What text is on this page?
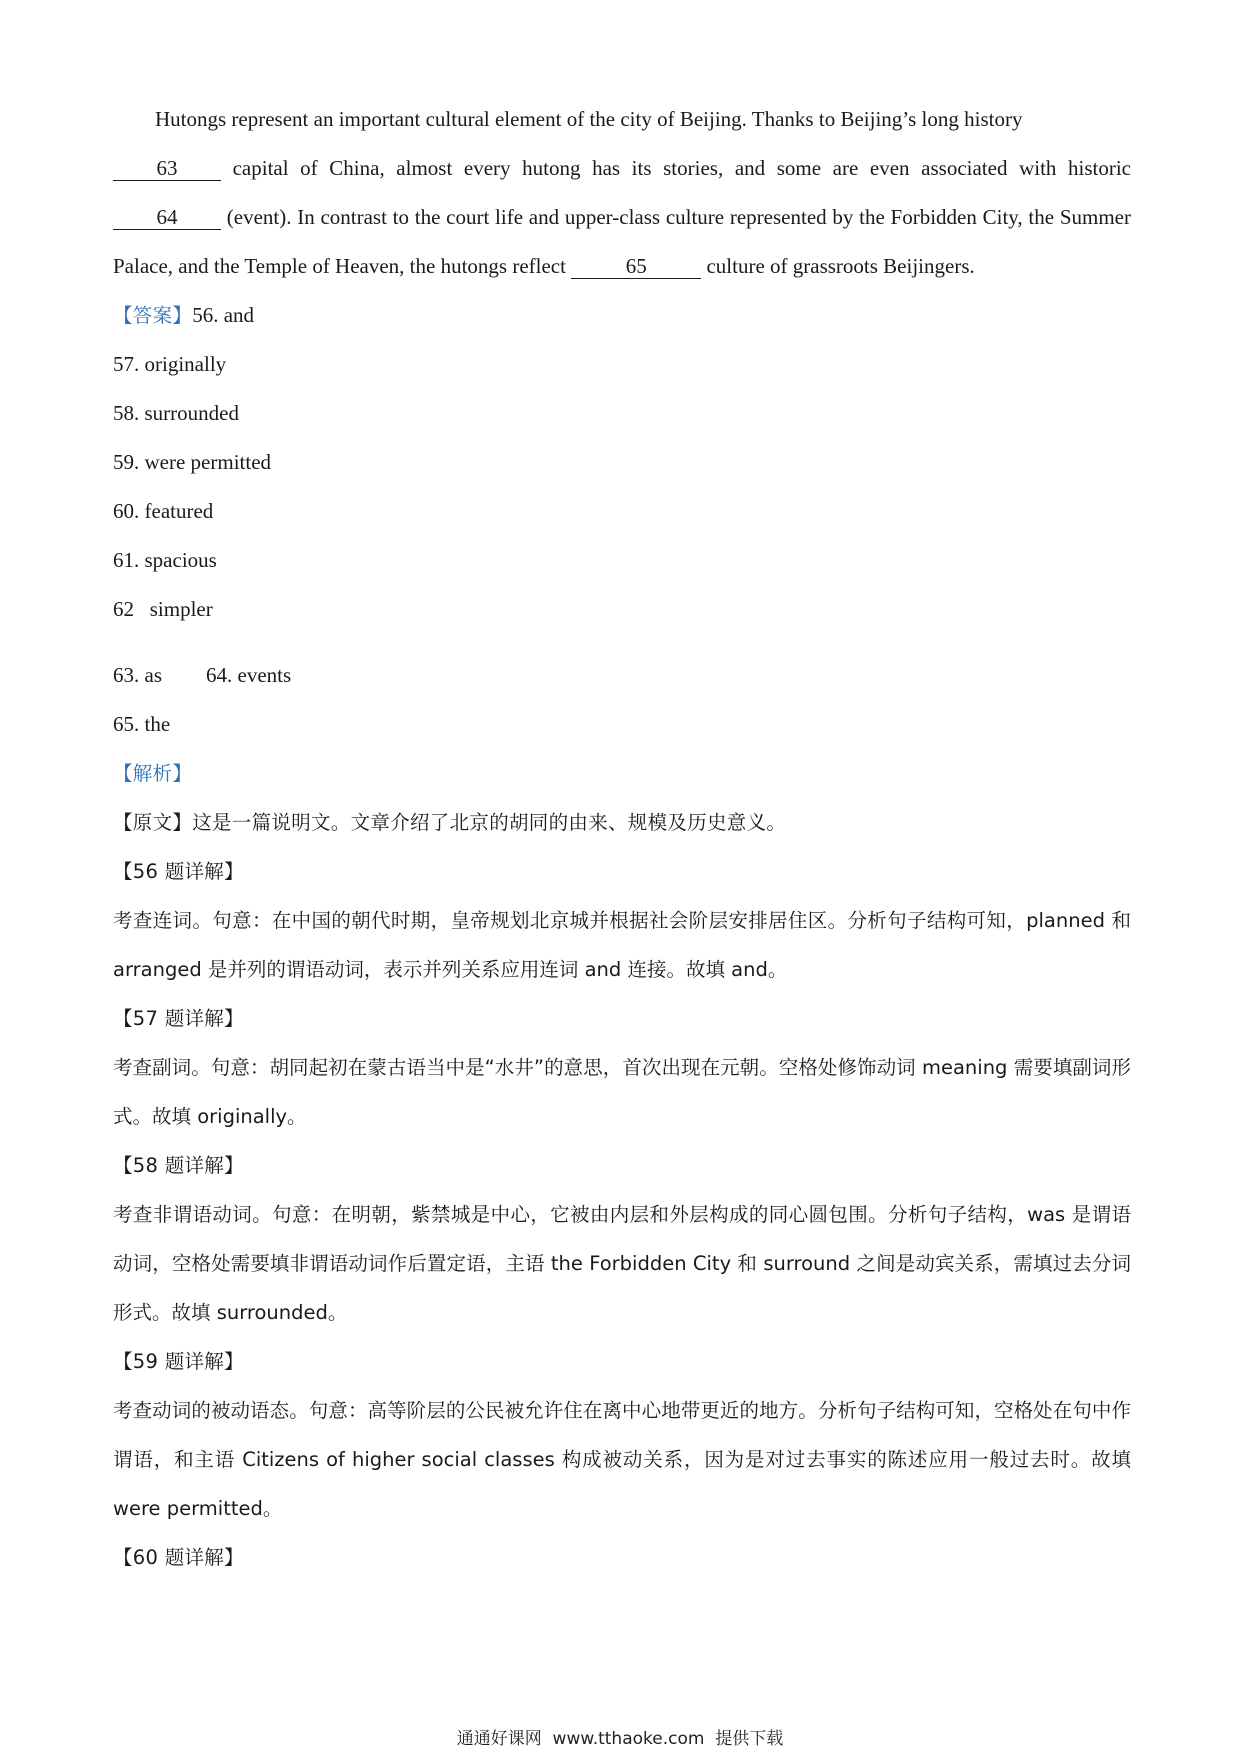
Hutongs represent an important cultural element of the city of Beijing. Thanks to Beijing’s long history
63	capital of China, almost every hutong has its stories, and some are even associated with historic 64 (event). In contrast to the court life and upper-class culture represented by the Forbidden City, the Summer Palace, and the Temple of Heaven, the hutongs reflect	65	culture of grassroots Beijingers.

【答案】56. and
57. originally
58. surrounded
59. were permitted
60. featured
61. spacious
62   simpler
63. as 64. events
65. the
【解析】
【原文】这是一篇说明文。文章介绍了北京的胡同的由来、规模及历史意义。
【56 题详解】

考查连词。句意：在中国的朝代时期，皇帝规划北京城并根据社会阶层安排居住区。分析句子结构可知，planned 和 arranged 是并列的谓语动词，表示并列关系应用连词 and 连接。故填 and。

【57 题详解】

考查副词。句意：胡同起初在蒙古语当中是“水井”的意思，首次出现在元朝。空格处修饰动词 meaning 需要填副词形式。故填 originally。

【58 题详解】

考查非谓语动词。句意：在明朝，紫禁城是中心，它被由内层和外层构成的同心圆包围。分析句子结构，was 是谓语动词，空格处需要填非谓语动词作后置定语，主语 the Forbidden City 和 surround 之间是动宾关系，需填过去分词形式。故填 surrounded。

【59 题详解】

考查动词的被动语态。句意：高等阶层的公民被允许住在离中心地带更近的地方。分析句子结构可知，空格处在句中作谓语，和主语 Citizens of higher social classes 构成被动关系，因为是对过去事实的陈述应用一般过去时。故填 were permitted。

【60 题详解】
通通好课网  www.tthaoke.com  提供下载
